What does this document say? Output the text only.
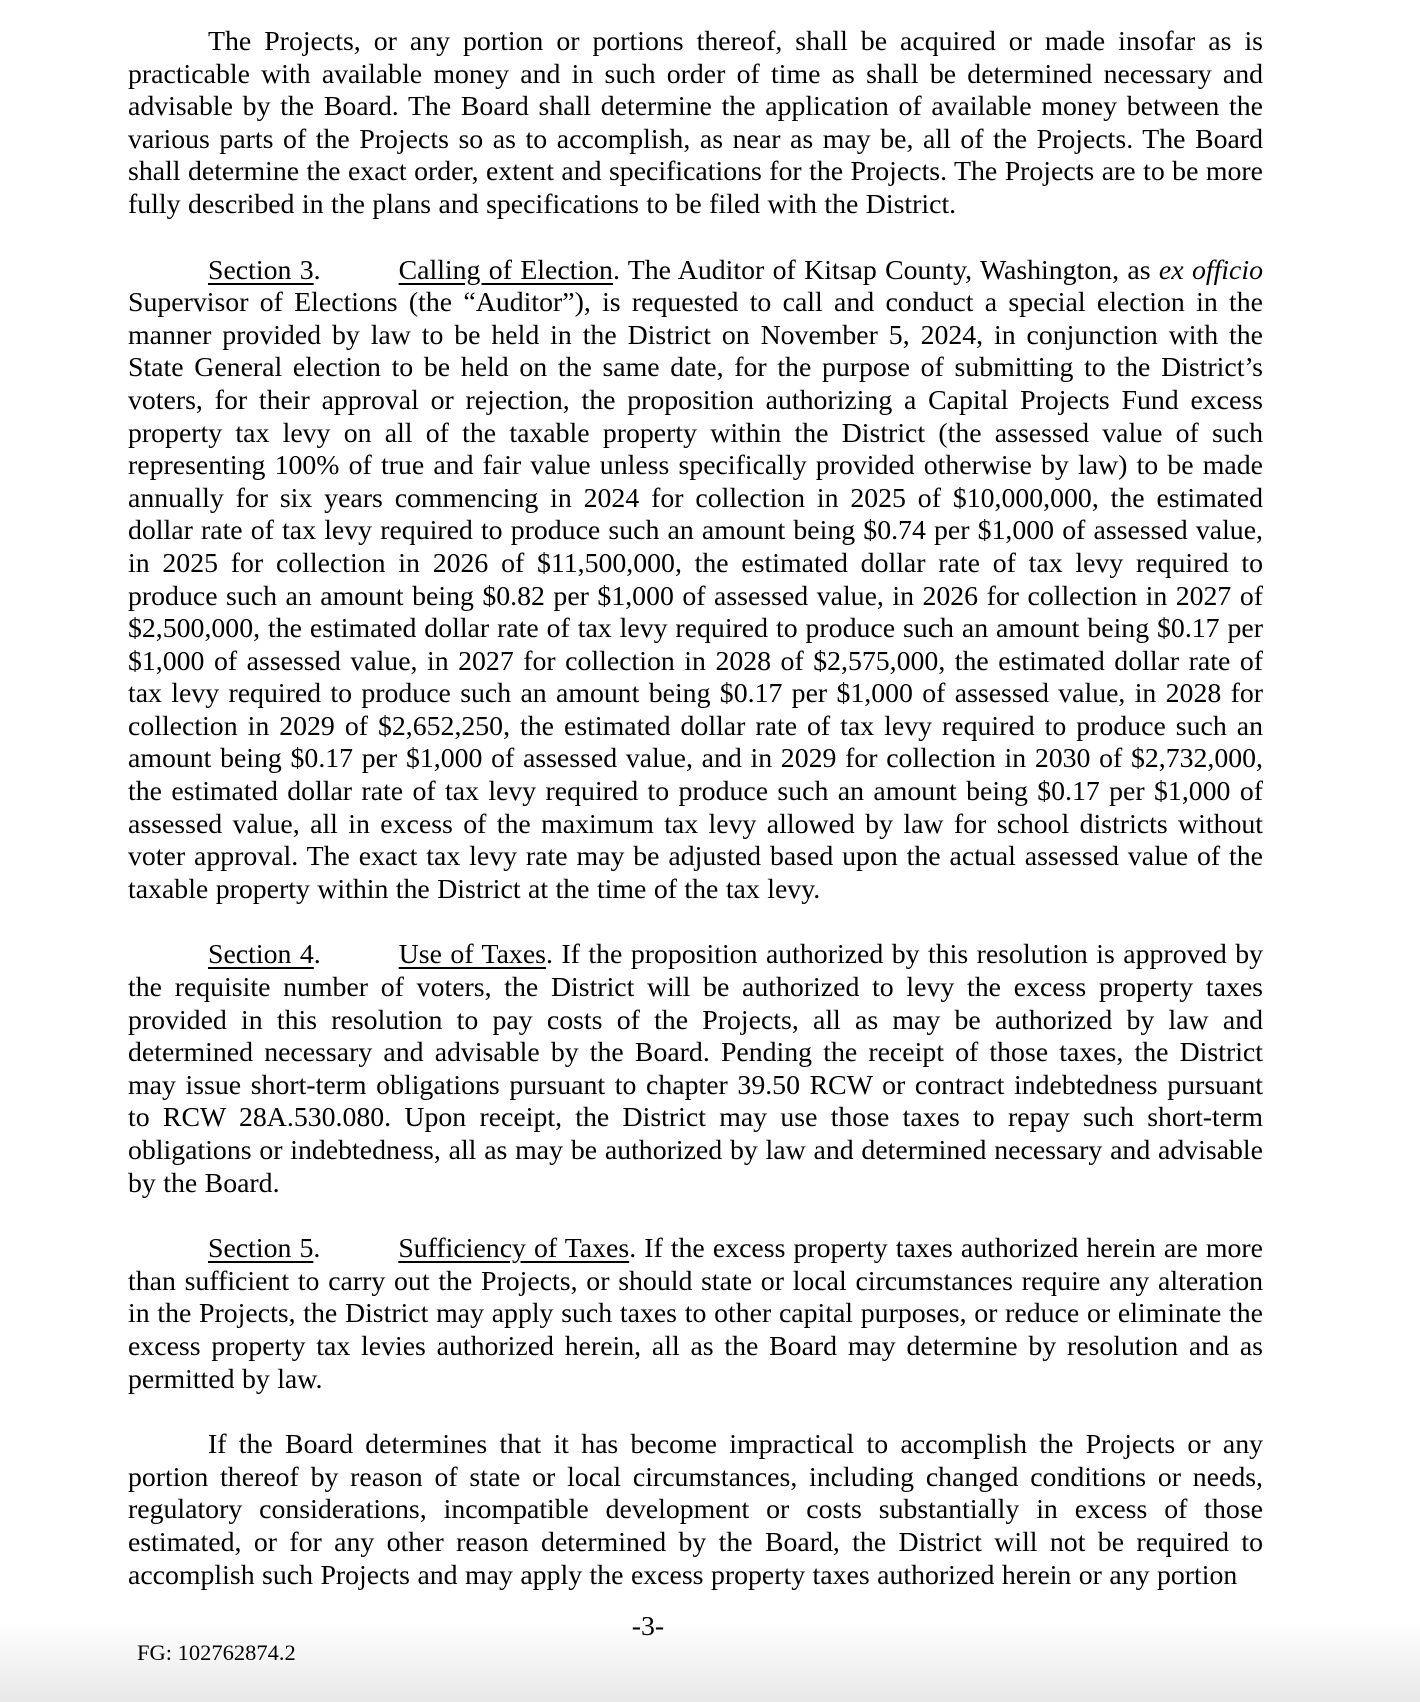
The Projects, or any portion or portions thereof, shall be acquired or made insofar as is practicable with available money and in such order of time as shall be determined necessary and advisable by the Board. The Board shall determine the application of available money between the various parts of the Projects so as to accomplish, as near as may be, all of the Projects. The Board shall determine the exact order, extent and specifications for the Projects. The Projects are to be more fully described in the plans and specifications to be filed with the District.

Section 3.	Calling of Election. The Auditor of Kitsap County, Washington, as ex officio Supervisor of Elections (the “Auditor”), is requested to call and conduct a special election in the manner provided by law to be held in the District on November 5, 2024, in conjunction with the State General election to be held on the same date, for the purpose of submitting to the District’s voters, for their approval or rejection, the proposition authorizing a Capital Projects Fund excess property tax levy on all of the taxable property within the District (the assessed value of such representing 100% of true and fair value unless specifically provided otherwise by law) to be made annually for six years commencing in 2024 for collection in 2025 of $10,000,000, the estimated dollar rate of tax levy required to produce such an amount being $0.74 per $1,000 of assessed value, in 2025 for collection in 2026 of $11,500,000, the estimated dollar rate of tax levy required to produce such an amount being $0.82 per $1,000 of assessed value, in 2026 for collection in 2027 of $2,500,000, the estimated dollar rate of tax levy required to produce such an amount being $0.17 per $1,000 of assessed value, in 2027 for collection in 2028 of $2,575,000, the estimated dollar rate of tax levy required to produce such an amount being $0.17 per $1,000 of assessed value, in 2028 for collection in 2029 of $2,652,250, the estimated dollar rate of tax levy required to produce such an amount being $0.17 per $1,000 of assessed value, and in 2029 for collection in 2030 of $2,732,000, the estimated dollar rate of tax levy required to produce such an amount being $0.17 per $1,000 of assessed value, all in excess of the maximum tax levy allowed by law for school districts without voter approval. The exact tax levy rate may be adjusted based upon the actual assessed value of the taxable property within the District at the time of the tax levy.

Section 4.	Use of Taxes. If the proposition authorized by this resolution is approved by the requisite number of voters, the District will be authorized to levy the excess property taxes provided in this resolution to pay costs of the Projects, all as may be authorized by law and determined necessary and advisable by the Board. Pending the receipt of those taxes, the District may issue short-term obligations pursuant to chapter 39.50 RCW or contract indebtedness pursuant to RCW 28A.530.080. Upon receipt, the District may use those taxes to repay such short-term obligations or indebtedness, all as may be authorized by law and determined necessary and advisable by the Board.

Section 5.	Sufficiency of Taxes. If the excess property taxes authorized herein are more than sufficient to carry out the Projects, or should state or local circumstances require any alteration in the Projects, the District may apply such taxes to other capital purposes, or reduce or eliminate the excess property tax levies authorized herein, all as the Board may determine by resolution and as permitted by law.

If the Board determines that it has become impractical to accomplish the Projects or any portion thereof by reason of state or local circumstances, including changed conditions or needs, regulatory considerations, incompatible development or costs substantially in excess of those estimated, or for any other reason determined by the Board, the District will not be required to accomplish such Projects and may apply the excess property taxes authorized herein or any portion

-3-
FG: 102762874.2
